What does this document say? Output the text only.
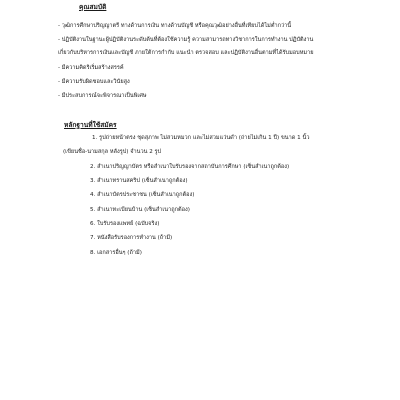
คุณสมบัติ
- วุฒิการศึกษาปริญญาตรี ทางด้านการเงิน ทางด้านบัญชี หรือคุณวุฒิอย่างอื่นที่เทียบได้ไม่ต่ำกว่านี้
- ปฏิบัติงานในฐานะผู้ปฏิบัติงานระดับต้นที่ต้องใช้ความรู้ ความสามารถทางวิชาการในการทำงาน ปฏิบัติงาน
เกี่ยวกับบริหารการเงินและบัญชี ภายใต้การกำกับ แนะนำ ตรวจสอบ และปฏิบัติงานอื่นตามที่ได้รับมอบหมาย
- มีความคิดริเริ่มสร้างสรรค์
- มีความรับผิดชอบและวินัยสูง
- มีประสบการณ์จะพิจารณาเป็นพิเศษ
หลักฐานที่ใช้สมัคร
1. รูปถ่ายหน้าตรง ชุดสุภาพ ไม่สวมหมวก และไม่สวมแว่นดำ (ถ่ายไม่เกิน 1 ปี) ขนาด 1 นิ้ว
(เขียนชื่อ-นามสกุล หลังรูป) จำนวน 2 รูป
2. สำเนาปริญญาบัตร หรือสำเนาใบรับรองจากสถาบันการศึกษา (เซ็นสำเนาถูกต้อง)
3. สำเนาทรานสคริป (เซ็นสำเนาถูกต้อง)
4. สำเนาบัตรประชาชน (เซ็นสำเนาถูกต้อง)
5. สำเนาทะเบียนบ้าน (เซ็นสำเนาถูกต้อง)
6. ใบรับรองแพทย์ (ฉบับจริง)
7. หนังสือรับรองการทำงาน (ถ้ามี)
8. เอกสารอื่นๆ (ถ้ามี)
